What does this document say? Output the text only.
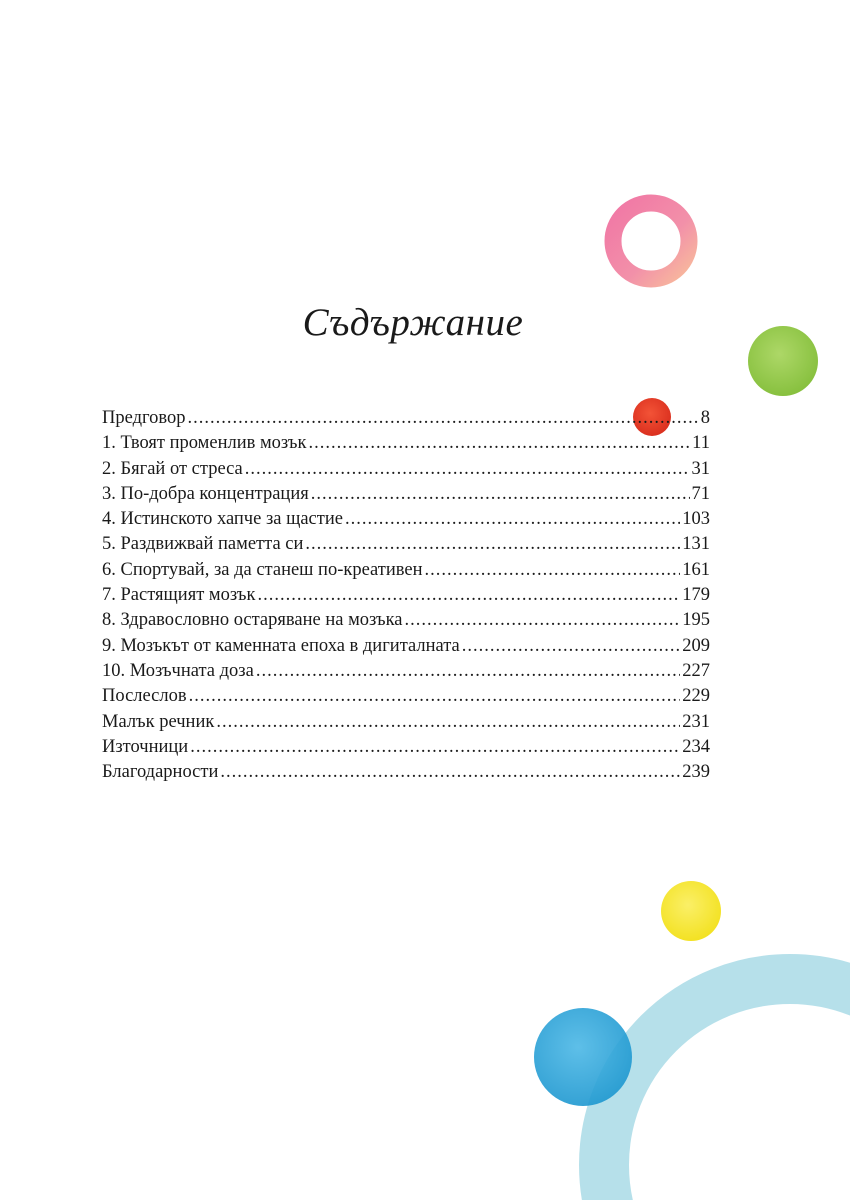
Съдържание
Предговор .....	8
1. Твоят променлив мозък .....	11
2. Бягай от стреса .....	31
3. По-добра концентрация .....	71
4. Истинското хапче за щастие .....	103
5. Раздвижвай паметта си .....	131
6. Спортувай, за да станеш по-креативен .....	161
7. Растящият мозък .....	179
8. Здравословно остаряване на мозъка .....	195
9. Мозъкът от каменната епоха в дигиталната .....	209
10. Мозъчната доза .....	227
Послеслов .....	229
Малък речник .....	231
Източници .....	234
Благодарности .....	239
